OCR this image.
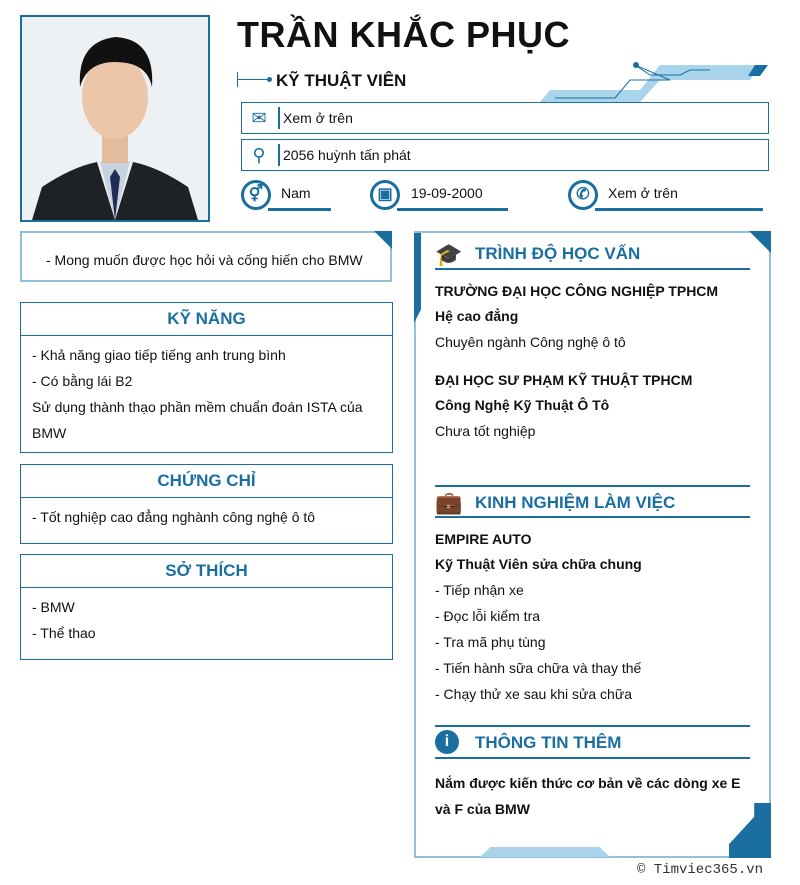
TRẦN KHẮC PHỤC
KỸ THUẬT VIÊN
✉ Xem ở trên
⚲	2056 huỳnh tấn phát
⚥	Nam	▣	19-09-2000	✆	Xem ở trên
- Mong muốn được học hỏi và cống hiến cho BMW
KỸ NĂNG
- Khả năng giao tiếp tiếng anh trung bình
- Có bằng lái B2
Sử dụng thành thạo phần mềm chuẩn đoán ISTA của BMW
CHỨNG CHỈ
- Tốt nghiệp cao đẳng nghành công nghệ ô tô
SỞ THÍCH
- BMW
- Thể thao
🎓 TRÌNH ĐỘ HỌC VẤN
TRƯỜNG ĐẠI HỌC CÔNG NGHIỆP TPHCM
Hệ cao đẳng
Chuyên ngành Công nghệ ô tô
ĐẠI HỌC SƯ PHẠM KỸ THUẬT TPHCM
Công Nghệ Kỹ Thuật Ô Tô
Chưa tốt nghiệp
💼 KINH NGHIỆM LÀM VIỆC
EMPIRE AUTO
Kỹ Thuật Viên sửa chữa chung
- Tiếp nhận xe
- Đọc lỗi kiểm tra
- Tra mã phụ tùng
- Tiến hành sữa chữa và thay thế
- Chạy thử xe sau khi sửa chữa
i	THÔNG TIN THÊM
Nắm được kiến thức cơ bản về các dòng xe E và F của BMW
© Timviec365.vn
